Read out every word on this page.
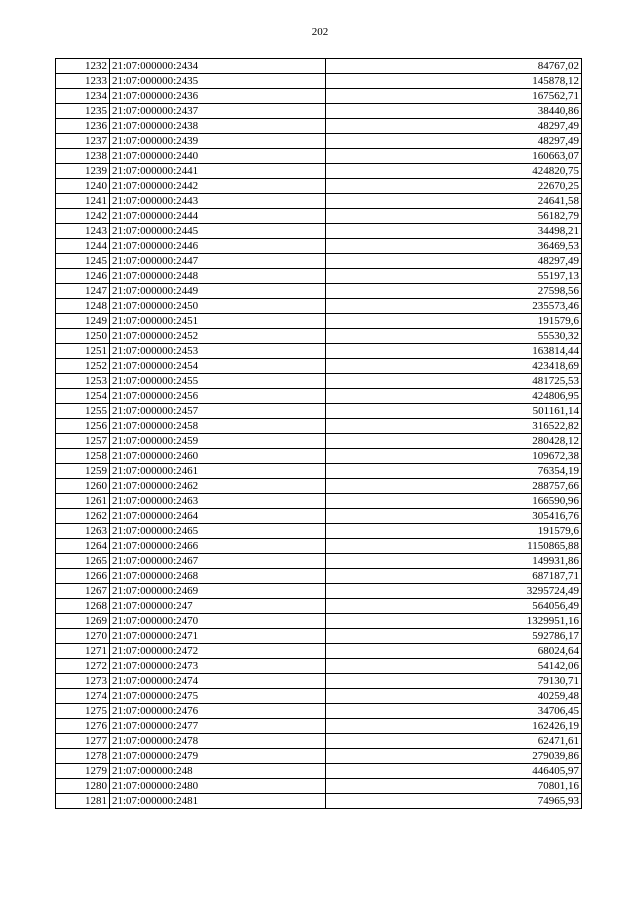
202
1232	21:07:000000:2434	84767,02
1233	21:07:000000:2435	145878,12
1234	21:07:000000:2436	167562,71
1235	21:07:000000:2437	38440,86
1236	21:07:000000:2438	48297,49
1237	21:07:000000:2439	48297,49
1238	21:07:000000:2440	160663,07
1239	21:07:000000:2441	424820,75
1240	21:07:000000:2442	22670,25
1241	21:07:000000:2443	24641,58
1242	21:07:000000:2444	56182,79
1243	21:07:000000:2445	34498,21
1244	21:07:000000:2446	36469,53
1245	21:07:000000:2447	48297,49
1246	21:07:000000:2448	55197,13
1247	21:07:000000:2449	27598,56
1248	21:07:000000:2450	235573,46
1249	21:07:000000:2451	191579,6
1250	21:07:000000:2452	55530,32
1251	21:07:000000:2453	163814,44
1252	21:07:000000:2454	423418,69
1253	21:07:000000:2455	481725,53
1254	21:07:000000:2456	424806,95
1255	21:07:000000:2457	501161,14
1256	21:07:000000:2458	316522,82
1257	21:07:000000:2459	280428,12
1258	21:07:000000:2460	109672,38
1259	21:07:000000:2461	76354,19
1260	21:07:000000:2462	288757,66
1261	21:07:000000:2463	166590,96
1262	21:07:000000:2464	305416,76
1263	21:07:000000:2465	191579,6
1264	21:07:000000:2466	1150865,88
1265	21:07:000000:2467	149931,86
1266	21:07:000000:2468	687187,71
1267	21:07:000000:2469	3295724,49
1268	21:07:000000:247	564056,49
1269	21:07:000000:2470	1329951,16
1270	21:07:000000:2471	592786,17
1271	21:07:000000:2472	68024,64
1272	21:07:000000:2473	54142,06
1273	21:07:000000:2474	79130,71
1274	21:07:000000:2475	40259,48
1275	21:07:000000:2476	34706,45
1276	21:07:000000:2477	162426,19
1277	21:07:000000:2478	62471,61
1278	21:07:000000:2479	279039,86
1279	21:07:000000:248	446405,97
1280	21:07:000000:2480	70801,16
1281	21:07:000000:2481	74965,93
